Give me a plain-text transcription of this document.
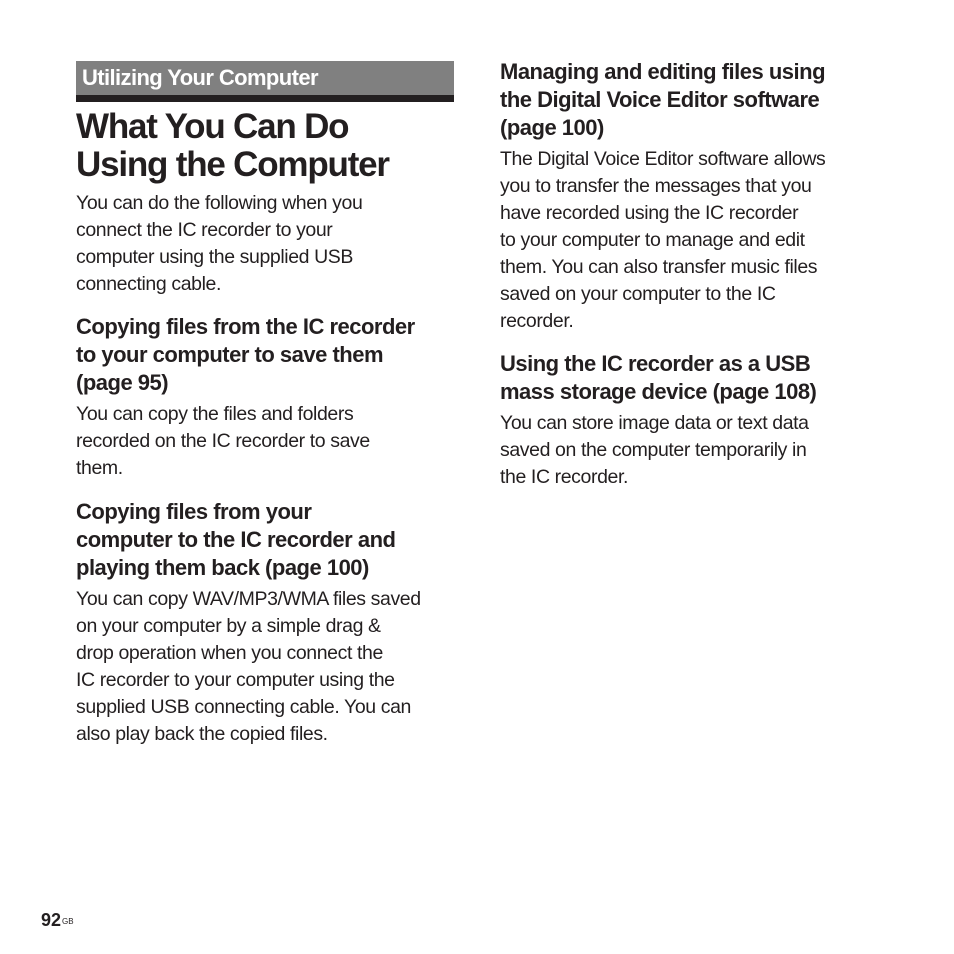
Utilizing Your Computer
What You Can Do
Using the Computer

You can do the following when you
connect the IC recorder to your
computer using the supplied USB
connecting cable.

Copying files from the IC recorder
to your computer to save them
(page 95)

You can copy the files and folders
recorded on the IC recorder to save
them.

Copying files from your
computer to the IC recorder and
playing them back (page 100)

You can copy WAV/MP3/WMA files saved
on your computer by a simple drag &
drop operation when you connect the
IC recorder to your computer using the
supplied USB connecting cable. You can
also play back the copied files.

Managing and editing files using
the Digital Voice Editor software
(page 100)

The Digital Voice Editor software allows
you to transfer the messages that you
have recorded using the IC recorder
to your computer to manage and edit
them. You can also transfer music files
saved on your computer to the IC
recorder.

Using the IC recorder as a USB
mass storage device (page 108)

You can store image data or text data
saved on the computer temporarily in
the IC recorder.

$92^{GB}$
